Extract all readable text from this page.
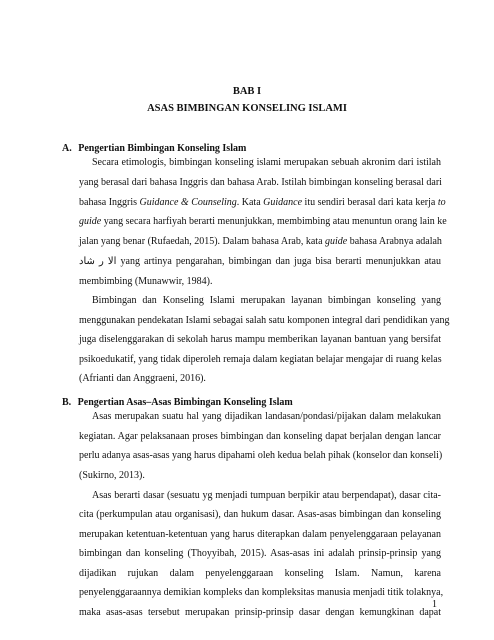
BAB I
ASAS BIMBINGAN KONSELING ISLAMI
A. Pengertian Bimbingan Konseling Islam
Secara etimologis, bimbingan konseling islami merupakan sebuah akronim dari istilah
yang berasal dari bahasa Inggris dan bahasa Arab. Istilah bimbingan konseling berasal dari
bahasa Inggris Guidance & Counseling. Kata Guidance itu sendiri berasal dari kata kerja to
guide yang secara harfiyah berarti menunjukkan, membimbing atau menuntun orang lain ke
jalan yang benar (Rufaedah, 2015). Dalam bahasa Arab, kata guide bahasa Arabnya adalah
الا ر شاد yang artinya pengarahan, bimbingan dan juga bisa berarti menunjukkan atau
membimbing (Munawwir, 1984).
Bimbingan dan Konseling Islami merupakan layanan bimbingan konseling yang
menggunakan pendekatan Islami sebagai salah satu komponen integral dari pendidikan yang
juga diselenggarakan di sekolah harus mampu memberikan layanan bantuan yang bersifat
psikoedukatif, yang tidak diperoleh remaja dalam kegiatan belajar mengajar di ruang kelas
(Afrianti dan Anggraeni, 2016).
B. Pengertian Asas–Asas Bimbingan Konseling Islam
Asas merupakan suatu hal yang dijadikan landasan/pondasi/pijakan dalam melakukan
kegiatan. Agar pelaksanaan proses bimbingan dan konseling dapat berjalan dengan lancar
perlu adanya asas-asas yang harus dipahami oleh kedua belah pihak (konselor dan konseli)
(Sukirno, 2013).
Asas berarti dasar (sesuatu yg menjadi tumpuan berpikir atau berpendapat), dasar cita-
cita (perkumpulan atau organisasi), dan hukum dasar. Asas-asas bimbingan dan konseling
merupakan ketentuan-ketentuan yang harus diterapkan dalam penyelenggaraan pelayanan
bimbingan dan konseling (Thoyyibah, 2015). Asas-asas ini adalah prinsip-prinsip yang
dijadikan rujukan dalam penyelenggaraan konseling Islam. Namun, karena
penyelenggaraannya demikian kompleks dan kompleksitas manusia menjadi titik tolaknya,
maka asas-asas tersebut merupakan prinsip-prinsip dasar dengan kemungkinan dapat
1
